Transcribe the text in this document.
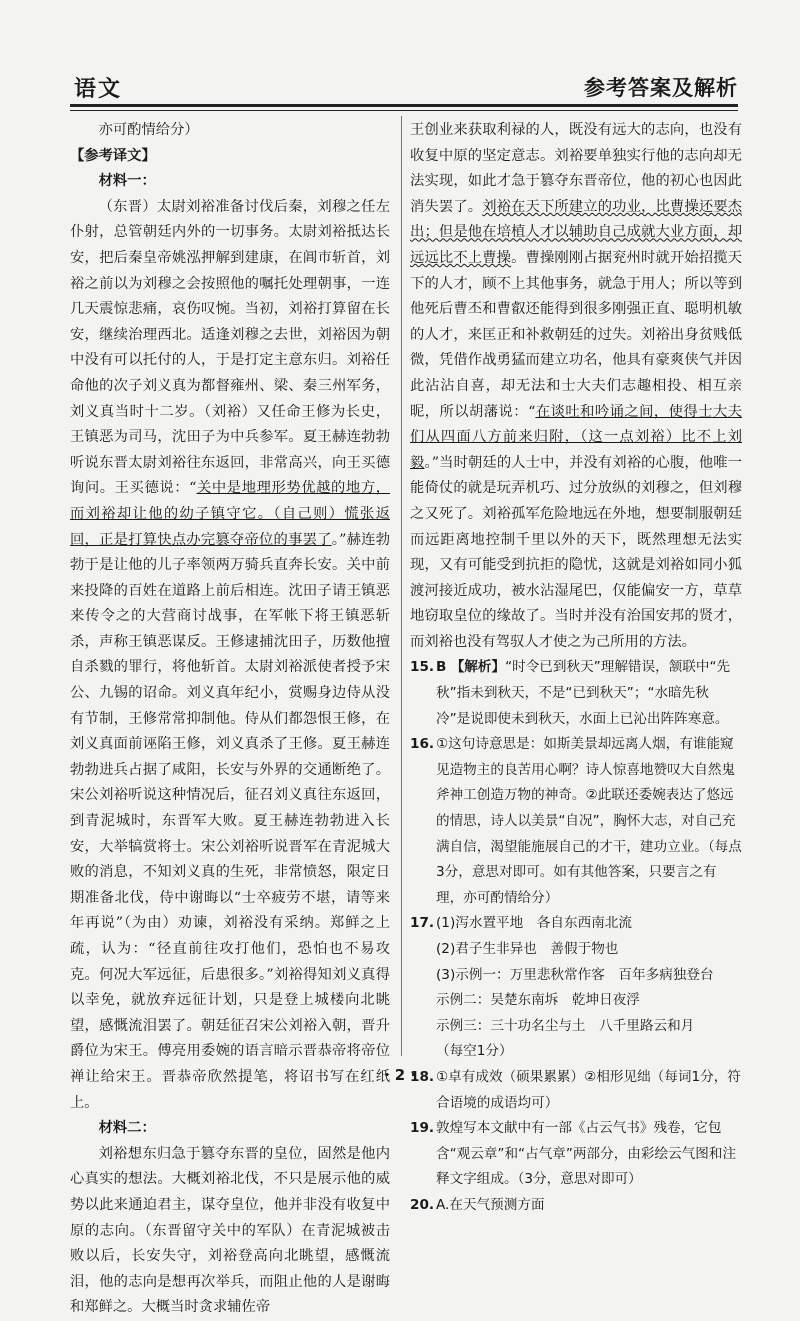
语文	参考答案及解析

亦可酌情给分）

【参考译文】

材料一：

（东晋）太尉刘裕准备讨伐后秦，刘穆之任左仆射，总管朝廷内外的一切事务。太尉刘裕抵达长安，把后秦皇帝姚泓押解到建康，在阊市斩首，刘裕之前以为刘穆之会按照他的嘱托处理朝事，一连几天震惊悲痛，哀伤叹惋。当初，刘裕打算留在长安，继续治理西北。适逢刘穆之去世，刘裕因为朝中没有可以托付的人，于是打定主意东归。刘裕任命他的次子刘义真为都督雍州、梁、秦三州军务，刘义真当时十二岁。（刘裕）又任命王修为长史，王镇恶为司马，沈田子为中兵参军。夏王赫连勃勃听说东晋太尉刘裕往东返回，非常高兴，向王买德询问。王买德说：“关中是地理形势优越的地方，而刘裕却让他的幼子镇守它。（自己则）慌张返回，正是打算快点办完篡夺帝位的事罢了。”赫连勃勃于是让他的儿子率领两万骑兵直奔长安。关中前来投降的百姓在道路上前后相连。沈田子请王镇恶来传令之的大营商讨战事，在军帐下将王镇恶斩杀，声称王镇恶谋反。王修逮捕沈田子，历数他擅自杀戮的罪行，将他斩首。太尉刘裕派使者授予宋公、九锡的诏命。刘义真年纪小，赏赐身边侍从没有节制，王修常常抑制他。侍从们都怨恨王修，在刘义真面前诬陷王修，刘义真杀了王修。夏王赫连勃勃进兵占据了咸阳，长安与外界的交通断绝了。宋公刘裕听说这种情况后，征召刘义真往东返回，到青泥城时，东晋军大败。夏王赫连勃勃进入长安，大举犒赏将士。宋公刘裕听说晋军在青泥城大败的消息，不知刘义真的生死，非常愤怒，限定日期准备北伐，侍中谢晦以“士卒疲劳不堪，请等来年再说”（为由）劝谏，刘裕没有采纳。郑鲜之上疏，认为：“径直前往攻打他们，恐怕也不易攻克。何况大军远征，后患很多。”刘裕得知刘义真得以幸免，就放弃远征计划，只是登上城楼向北眺望，感慨流泪罢了。朝廷征召宋公刘裕入朝，晋升爵位为宋王。傅亮用委婉的语言暗示晋恭帝将帝位禅让给宋王。晋恭帝欣然提笔，将诏书写在红纸上。

材料二：

刘裕想东归急于篡夺东晋的皇位，固然是他内心真实的想法。大概刘裕北伐，不只是展示他的威势以此来通迫君主，谋夺皇位，他并非没有收复中原的志向。（东晋留守关中的军队）在青泥城被击败以后，长安失守，刘裕登高向北眺望，感慨流泪，他的志向是想再次举兵，而阻止他的人是谢晦和郑鲜之。大概当时贪求辅佐帝

王创业来获取利禄的人，既没有远大的志向，也没有收复中原的坚定意志。刘裕要单独实行他的志向却无法实现，如此才急于篡夺东晋帝位，他的初心也因此消失罢了。刘裕在天下所建立的功业，比曹操还要杰出；但是他在培植人才以辅助自己成就大业方面，却远远比不上曹操。曹操刚刚占据兖州时就开始招揽天下的人才，顾不上其他事务，就急于用人；所以等到他死后曹丕和曹叡还能得到很多刚强正直、聪明机敏的人才，来匡正和补救朝廷的过失。刘裕出身贫贱低微，凭借作战勇猛而建立功名，他具有豪爽侠气并因此沾沾自喜，却无法和士大夫们志趣相投、相互亲昵，所以胡藩说：“在谈吐和吟诵之间，使得士大夫们从四面八方前来归附，（这一点刘裕）比不上刘毅。”当时朝廷的人士中，并没有刘裕的心腹，他唯一能倚仗的就是玩弄机巧、过分放纵的刘穆之，但刘穆之又死了。刘裕孤军危险地远在外地，想要制服朝廷而远距离地控制千里以外的天下，既然理想无法实现，又有可能受到抗拒的隐忧，这就是刘裕如同小狐渡河接近成功，被水沾湿尾巴，仅能偏安一方，草草地窃取皇位的缘故了。当时并没有治国安邦的贤才，而刘裕也没有驾驭人才使之为己所用的方法。

15. B 【解析】“时令已到秋天”理解错误，颔联中“先秋”指未到秋天，不是“已到秋天”；“水暗先秋冷”是说即使未到秋天，水面上已沁出阵阵寒意。
16. ①这句诗意思是：如斯美景却远离人烟，有谁能窥见造物主的良苦用心啊？诗人惊喜地赞叹大自然鬼斧神工创造万物的神奇。②此联还委婉表达了悠远的情思，诗人以美景“自况”，胸怀大志，对自己充满自信，渴望能施展自己的才干，建功立业。（每点3分，意思对即可。如有其他答案，只要言之有理，亦可酌情给分）
17. (1)泻水置平地　各自东西南北流
(2)君子生非异也　善假于物也
(3)示例一：万里悲秋常作客　百年多病独登台
示例二：吴楚东南坼　乾坤日夜浮
示例三：三十功名尘与土　八千里路云和月
（每空1分）
18. ①卓有成效（硕果累累）②相形见绌（每词1分，符合语境的成语均可）
19. 敦煌写本文献中有一部《占云气书》残卷，它包含“观云章”和“占气章”两部分，由彩绘云气图和注释文字组成。（3分，意思对即可）
20. A.在天气预测方面
· 2 ·
